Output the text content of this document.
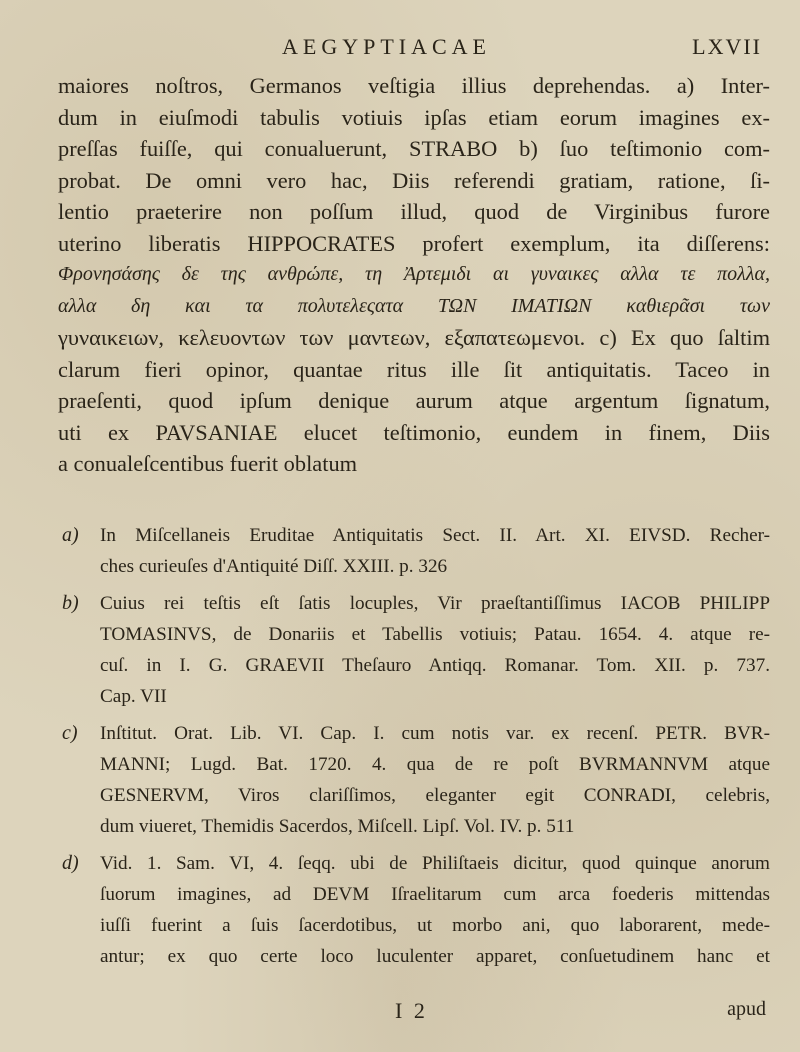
AEGYPTIACAE	LXVII
maiores noſtros, Germanos veſtigia illius deprehendas. a) Inter-
dum in eiuſmodi tabulis votiuis ipſas etiam eorum imagines ex-
preſſas fuiſſe, qui conualuerunt, STRABO b) ſuo teſtimonio com-
probat. De omni vero hac, Diis referendi gratiam, ratione, ſi-
lentio praeterire non poſſum illud, quod de Virginibus furore
uterino liberatis HIPPOCRATES profert exemplum, ita diſſerens:
Φρονησάσης δε της ανθρώπε, τη Ἀρτεμιδι αι γυναικες αλλα τε πολλα,
αλλα δη και τα πολυτελεςατα ΤΩΝ ΙΜΑΤΙΩΝ καθιερᾶσι των
γυναικειων, κελευοντων των μαντεων, εξαπατεωμενοι. c) Ex quo ſaltim
clarum fieri opinor, quantae ritus ille ſit antiquitatis. Taceo in
praeſenti, quod ipſum denique aurum atque argentum ſignatum,
uti ex PAVSANIAE elucet teſtimonio, eundem in finem, Diis
a conualeſcentibus fuerit oblatum
a) In Miſcellaneis Eruditae Antiquitatis Sect. II. Art. XI. EIVSD. Recher-
ches curieuſes d'Antiquité Diſſ. XXIII. p. 326
b) Cuius rei teſtis eſt ſatis locuples, Vir praeſtantiſſimus IACOB PHILIPP
TOMASINVS, de Donariis et Tabellis votiuis; Patau. 1654. 4. atque re-
cuſ. in I. G. GRAEVII Theſauro Antiqq. Romanar. Tom. XII. p. 737.
Cap. VII
c) Inſtitut. Orat. Lib. VI. Cap. I. cum notis var. ex recenſ. PETR. BVR-
MANNI; Lugd. Bat. 1720. 4. qua de re poſt BVRMANNVM atque
GESNERVM, Viros clariſſimos, eleganter egit CONRADI, celebris,
dum viueret, Themidis Sacerdos, Miſcell. Lipſ. Vol. IV. p. 511
d) Vid. 1. Sam. VI, 4. ſeqq. ubi de Philiſtaeis dicitur, quod quinque anorum
ſuorum imagines, ad DEVM Iſraelitarum cum arca foederis mittendas
iuſſi fuerint a ſuis ſacerdotibus, ut morbo ani, quo laborarent, mede-
antur; ex quo certe loco luculenter apparet, conſuetudinem hanc et
I 2	apud
